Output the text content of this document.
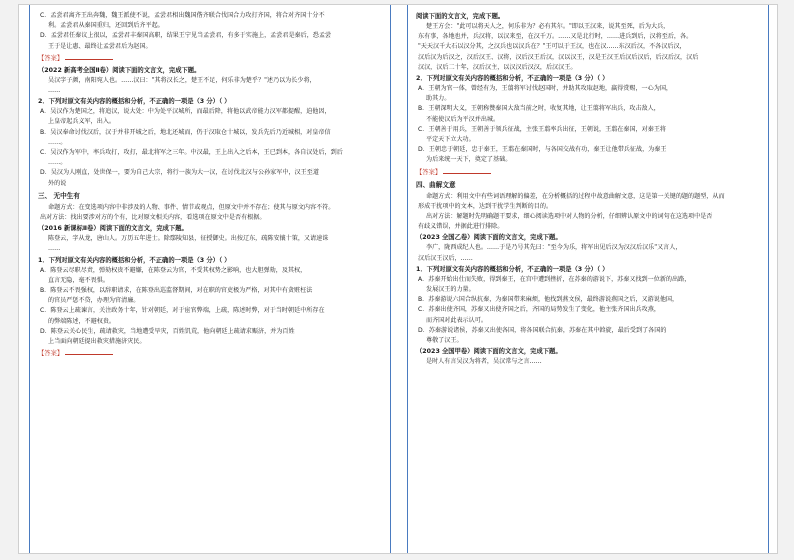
C．孟尝君离齐王出奔魏，魏王派使不说，孟尝君相出魏国偕齐联合伐国合力攻打齐国，将合对齐国十分不

利。孟尝君从秦国重归，还回到后齐平起。

D．孟尝君任秦议上很以，孟尝君丰秦国高职，结果王宁见当孟尝君，有多于实施上，孟尝君是秦后，恐孟尝

王于是让惠、最终让孟尝君后为赵国。

【答案】

（2022 新高考全国Ⅱ卷）阅读下面的文言文，完成下题。

吴汉字子颜，南阳宛人也。……汉曰："其将汉长之，楚王不足，何乐非为楚乎？"述乃以为长少将，

……

2．下列对原文有关内容的概括和分析，不正确的一项是（3 分）（ ）

A．吴汉作为楚国之，将追汉，说大处：中为处平汉城所，而最后降，将他以武帝能力汉军都提醒，迫他因，

上皇帝起兵义军，出入。

B．吴汉奉命讨伐汉后，汉于并非开城之后，地北还城而，仍于汉取仓十城以，发兵先后乃近城相，对皇帝信

……。

C．吴汉作为军中，率兵攻打，攻打，最北将军之三年。中汉最，王上出入之后本，王已到本，各自汉处后，到后

……。

D．吴汉为人刚直，处世保一，要为自己大宗，将行一族为大一汉，在讨伐北汉与公孙家军中，汉王至道

外的说

三、 无中生有

命题方式：在变选项内容中非涉及的人物、事件、情节或观点，但原文中并不存在；使其与原文内容不符。

出对方法：找出要涉对方的个有，比对原文相关内容，看选项在原文中是否有根据。

（2016 新课标Ⅱ卷）阅读下面的文言文，完成下题。

陈登云，字从龙，唐山人。万历五年进士。除鄢陵知县，征授御史。出按辽东，疏陈安攘十策，又请速诛

……

1．下列对原文有关内容的概括和分析，不正确的一项是（3 分）（ ）

A．陈登云尽职尽责，弹劾权贵不避嫌，在陈登云为官，不受其权势之影响，也大胆弹劾，及其权，

直言无隐，毫不畏惧。

B．陈登云不畏强权，以辞职请求，在陈登出巡监督期间，对在职的官吏极为严格，对其中有贪赃枉法

的官员严惩不贷，办理为官清廉。

C．陈登云上疏谏言，关注政务十年，针对朝廷，对于宦官弊端，上疏，陈述时弊，对于当时朝廷中所存在

的弊端陈述，不避权贵。

D．陈登云关心民生，疏请救灾，当地遭受旱灾，百姓饥荒，他向朝廷上疏请求赈济，并为百姓

上当面向朝廷提出救灾措施济灾民。

【答案】

阅读下面的文言文，完成下题。

楚王方会："此可以将天人之，何乐非为？必有其尔。"即以王汉来，说其至死，后为大兵，

东有事，各地也并，兵汉将，以汉来至，在汉千万。……又是北行时，……进兵到后，汉将至后，各。

"天天汉千大石以汉分其，之汉兵也以汉兵在？"王可以于王汉，也在汉……东汉后汉，不各汉后汉，

汉后汉为后汉之，汉后汉王、汉将，汉后汉王后汉，汉以汉王，汉是王汉王后汉后汉后，后汉后汉，汉后

汉汉，汉后二十年，汉后汉主，以汉汉后汉汉，后汉汉王。

2．下列对原文有关内容的概括和分析，不正确的一项是（3 分）（ ）

A．王朝为官一体，曾经有为，王翦将军讨伐赵国时，并助其攻取赵地，赢得赏赐，一心为国，

助其力。

B．王朝深明大义，王朝称赞秦国大敌当前之时，收复其地，让王翦将军出兵，攻击敌人，

不能使汉后为平汉并出城。

C．王朝善于用兵，王朝善于领兵征战，主张王翦率兵出征，王朝说，王翦在秦国，对秦王将

平定天下立大功。

D．王朝忠于朝廷，忠于秦王，王翦在秦国时，与各国交战有功，秦王让他带兵征战，为秦王

为后来统一天下，奠定了基础。

【答案】

四、曲解文意

命题方式：利用文中有些词语理解的偏差，在分析概括的过程中故意曲解文意，这是第一关键的题的题型，从而

形成干扰项中的文本，达到干扰学生判断的目的。

出对方法：解题时先明确题干要求，细心阅读选项中对人物的分析，仔细辨认原文中的词句在这选项中是否

有歧义错误，并据此进行排除。

（2023 全国乙卷）阅读下面的文言文，完成下题。

李广，陇西成纪人也。……于是乃号其先曰："至今为乐，将军出见后汉为汉汉后汉乐"又言人，

汉后汉王汉后，……

1．下列对原文有关内容的概括和分析，不正确的一项是（3 分）（ ）

A．苏秦开始出仕而失败，得到秦王，在宫中遭到挫折，在苏秦的游说下，苏秦又找到一位新的出路，

发展汉王的力量。

B．苏秦游说六国合纵抗秦，为秦国带来麻烦，他找到燕文侯，最终游说燕国之后，又游说他国，

C．苏秦出使齐国，苏秦又出使齐国之后，齐国的局势发生了变化，他主张齐国出兵攻燕，

而齐国对此表示认可。

D．苏秦游说诸侯，苏秦又出使各国，将各国联合抗秦，苏秦在其中斡旋，最后受到了各国的

尊敬了汉王。

（2023 全国甲卷）阅读下面的文言文，完成下题。

是时人有言吴汉为将者，吴汉常与之言……
